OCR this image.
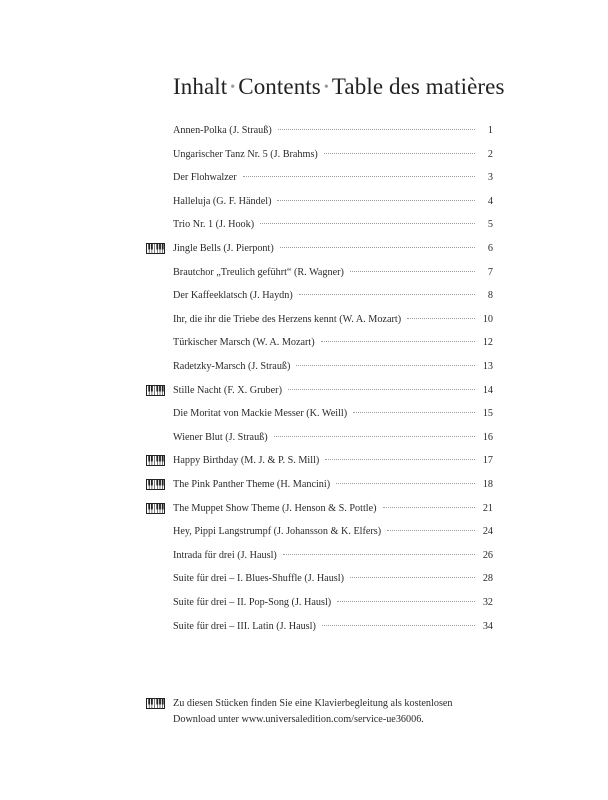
Inhalt • Contents • Table des matières
Annen-Polka (J. Strauß)	1
Ungarischer Tanz Nr. 5 (J. Brahms)	2
Der Flohwalzer	3
Halleluja (G. F. Händel)	4
Trio Nr. 1 (J. Hook)	5
Jingle Bells (J. Pierpont)	6
Brautchor „Treulich geführt“ (R. Wagner)	7
Der Kaffeeklatsch (J. Haydn)	8
Ihr, die ihr die Triebe des Herzens kennt (W. A. Mozart)	10
Türkischer Marsch (W. A. Mozart)	12
Radetzky-Marsch (J. Strauß)	13
Stille Nacht (F. X. Gruber)	14
Die Moritat von Mackie Messer (K. Weill)	15
Wiener Blut (J. Strauß)	16
Happy Birthday (M. J. & P. S. Mill)	17
The Pink Panther Theme (H. Mancini)	18
The Muppet Show Theme (J. Henson & S. Pottle)	21
Hey, Pippi Langstrumpf (J. Johansson & K. Elfers)	24
Intrada für drei (J. Hausl)	26
Suite für drei – I. Blues-Shuffle (J. Hausl)	28
Suite für drei – II. Pop-Song (J. Hausl)	32
Suite für drei – III. Latin (J. Hausl)	34
Zu diesen Stücken finden Sie eine Klavierbegleitung als kostenlosen
Download unter www.universaledition.com/service-ue36006.
